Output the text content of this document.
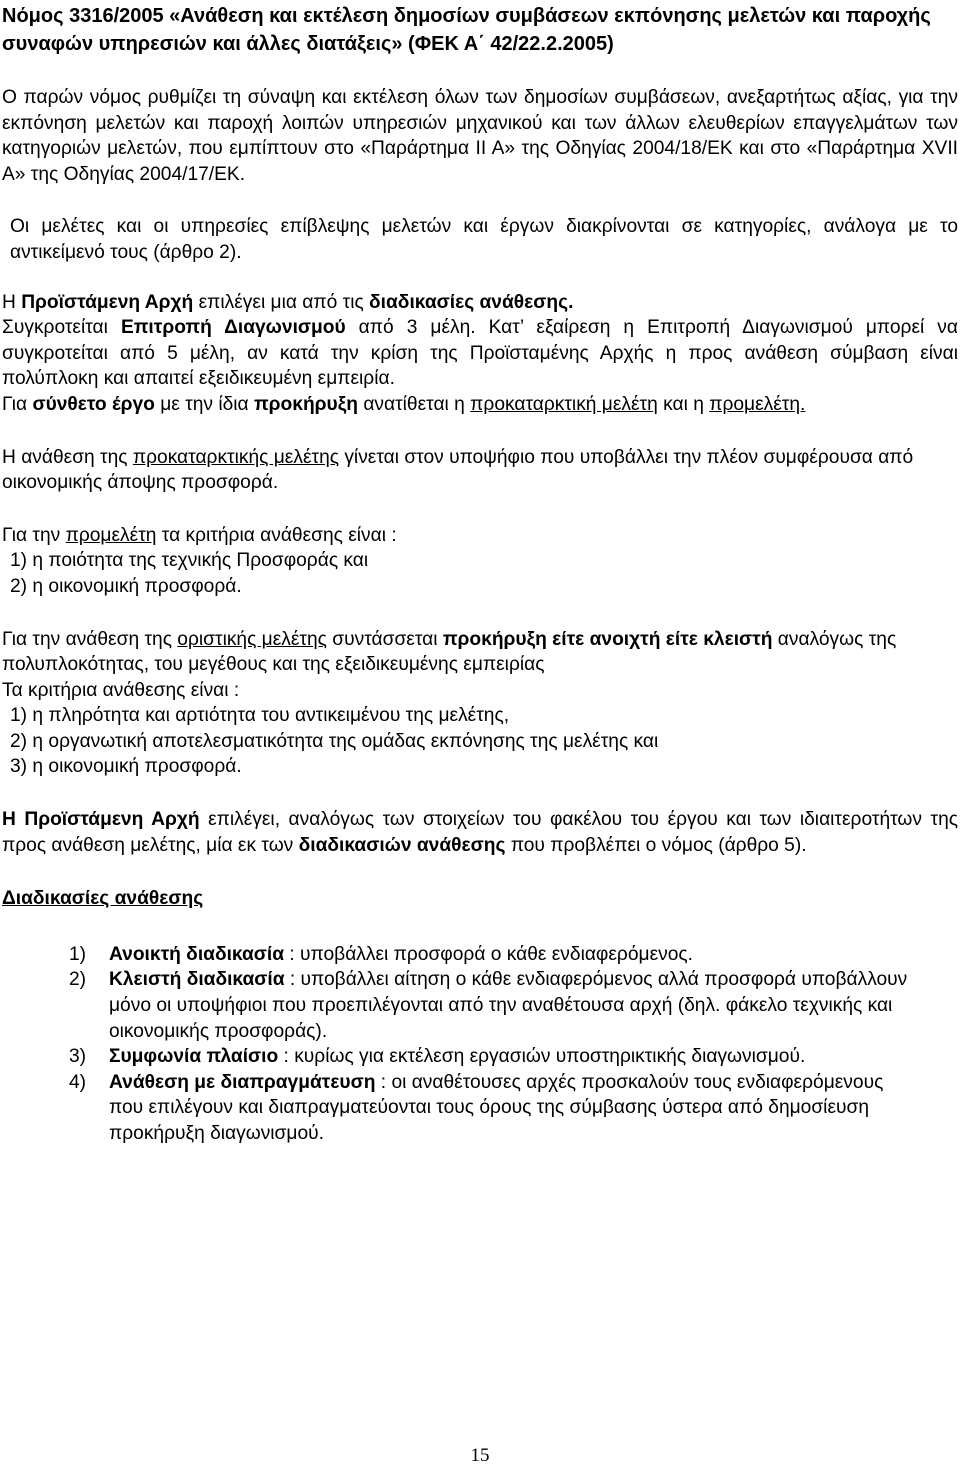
Νόμος 3316/2005 «Ανάθεση και εκτέλεση δημοσίων συμβάσεων εκπόνησης μελετών και παροχής συναφών υπηρεσιών και άλλες διατάξεις» (ΦΕΚ Α΄ 42/22.2.2005)

Ο παρών νόμος ρυθμίζει τη σύναψη και εκτέλεση όλων των δημοσίων συμβάσεων, ανεξαρτήτως αξίας, για την εκπόνηση μελετών και παροχή λοιπών υπηρεσιών μηχανικού και των άλλων ελευθερίων επαγγελμάτων των κατηγοριών μελετών, που εμπίπτουν στο «Παράρτημα ΙΙ Α» της Οδηγίας 2004/18/ΕΚ και στο «Παράρτημα XVII Α» της Οδηγίας 2004/17/ΕΚ.

Οι μελέτες και οι υπηρεσίες επίβλεψης μελετών και έργων διακρίνονται σε κατηγορίες, ανάλογα με το αντικείμενό τους (άρθρο 2).

Η Προϊστάμενη Αρχή επιλέγει μια από τις διαδικασίες ανάθεσης.

Συγκροτείται Επιτροπή Διαγωνισμού από 3 μέλη. Κατ’ εξαίρεση η Επιτροπή Διαγωνισμού μπορεί να συγκροτείται από 5 μέλη, αν κατά την κρίση της Προϊσταμένης Αρχής η προς ανάθεση σύμβαση είναι πολύπλοκη και απαιτεί εξειδικευμένη εμπειρία.

Για σύνθετο έργο με την ίδια προκήρυξη ανατίθεται η προκαταρκτική μελέτη και η προμελέτη.

Η ανάθεση της προκαταρκτικής μελέτης γίνεται στον υποψήφιο που υποβάλλει την πλέον συμφέρουσα από οικονομικής άποψης προσφορά.

Για την προμελέτη τα κριτήρια ανάθεσης είναι :

1) η ποιότητα της τεχνικής Προσφοράς και

2) η οικονομική προσφορά.

Για την ανάθεση της οριστικής μελέτης συντάσσεται προκήρυξη είτε ανοιχτή είτε κλειστή αναλόγως της πολυπλοκότητας, του μεγέθους και της εξειδικευμένης εμπειρίας

Τα κριτήρια ανάθεσης είναι :

1) η πληρότητα και αρτιότητα του αντικειμένου της μελέτης,

2) η οργανωτική αποτελεσματικότητα της ομάδας εκπόνησης της μελέτης και

3) η οικονομική προσφορά.

Η Προϊστάμενη Αρχή επιλέγει, αναλόγως των στοιχείων του φακέλου του έργου και των ιδιαιτεροτήτων της προς ανάθεση μελέτης, μία εκ των διαδικασιών ανάθεσης που προβλέπει ο νόμος (άρθρο 5).

Διαδικασίες ανάθεσης

1) Ανοικτή διαδικασία : υποβάλλει προσφορά ο κάθε ενδιαφερόμενος.
2) Κλειστή διαδικασία : υποβάλλει αίτηση ο κάθε ενδιαφερόμενος αλλά προσφορά υποβάλλουν μόνο οι υποψήφιοι που προεπιλέγονται από την αναθέτουσα αρχή (δηλ. φάκελο τεχνικής και οικονομικής προσφοράς).
3) Συμφωνία πλαίσιο : κυρίως για εκτέλεση εργασιών υποστηρικτικής διαγωνισμού.
4) Ανάθεση με διαπραγμάτευση : οι αναθέτουσες αρχές προσκαλούν τους ενδιαφερόμενους που επιλέγουν και διαπραγματεύονται τους όρους της σύμβασης ύστερα από δημοσίευση προκήρυξη διαγωνισμού.
15
